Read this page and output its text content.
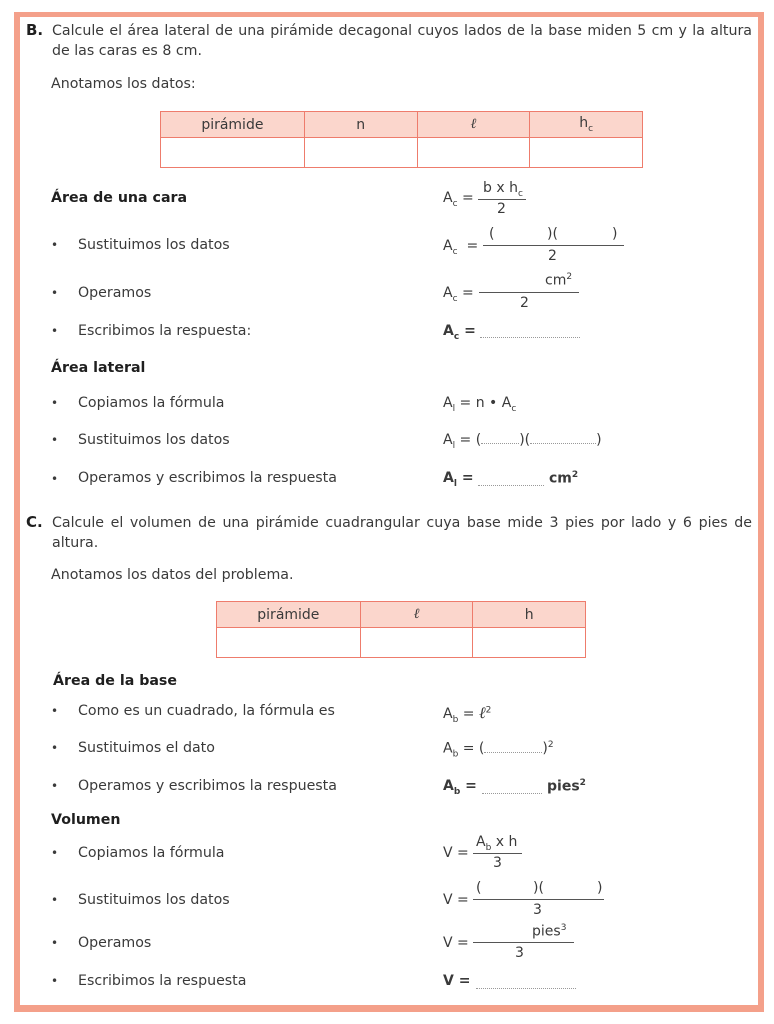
B. Calcule el área lateral de una pirámide decagonal cuyos lados de la base miden 5 cm y la altura de las caras es 8 cm.
Anotamos los datos:
pirámide	n	ℓ	$h_c$

Área de una cara	$A_c$ =
b x $h_c$
2
• Sustituimos los datos	$A_c$ =
(	)(	)
2
• Operamos	$A_c$ =
$cm^2$
2
• Escribimos la respuesta:	$A_c$ =
Área lateral
• Copiamos la fórmula	$A_l = n$ • $A_c$
• Sustituimos los datos	$A_l$ = (	)(	)
• Operamos y escribimos la respuesta	$A_l$ =	$cm^2$
C. Calcule el volumen de una pirámide cuadrangular cuya base mide 3 pies por lado y 6 pies de altura.
Anotamos los datos del problema.
pirámide	ℓ	h

Área de la base
• Como es un cuadrado, la fórmula es	$A_b$ = ℓ$^2$
• Sustituimos el dato	$A_b$ = (	)$^2$
• Operamos y escribimos la respuesta	$A_b$ =	pies$^2$
Volumen
• Copiamos la fórmula	V =
$A_b$ x h
3
• Sustituimos los datos	V =
(	)(	)
3
• Operamos	V =
pies$^3$
3
• Escribimos la respuesta	V =
